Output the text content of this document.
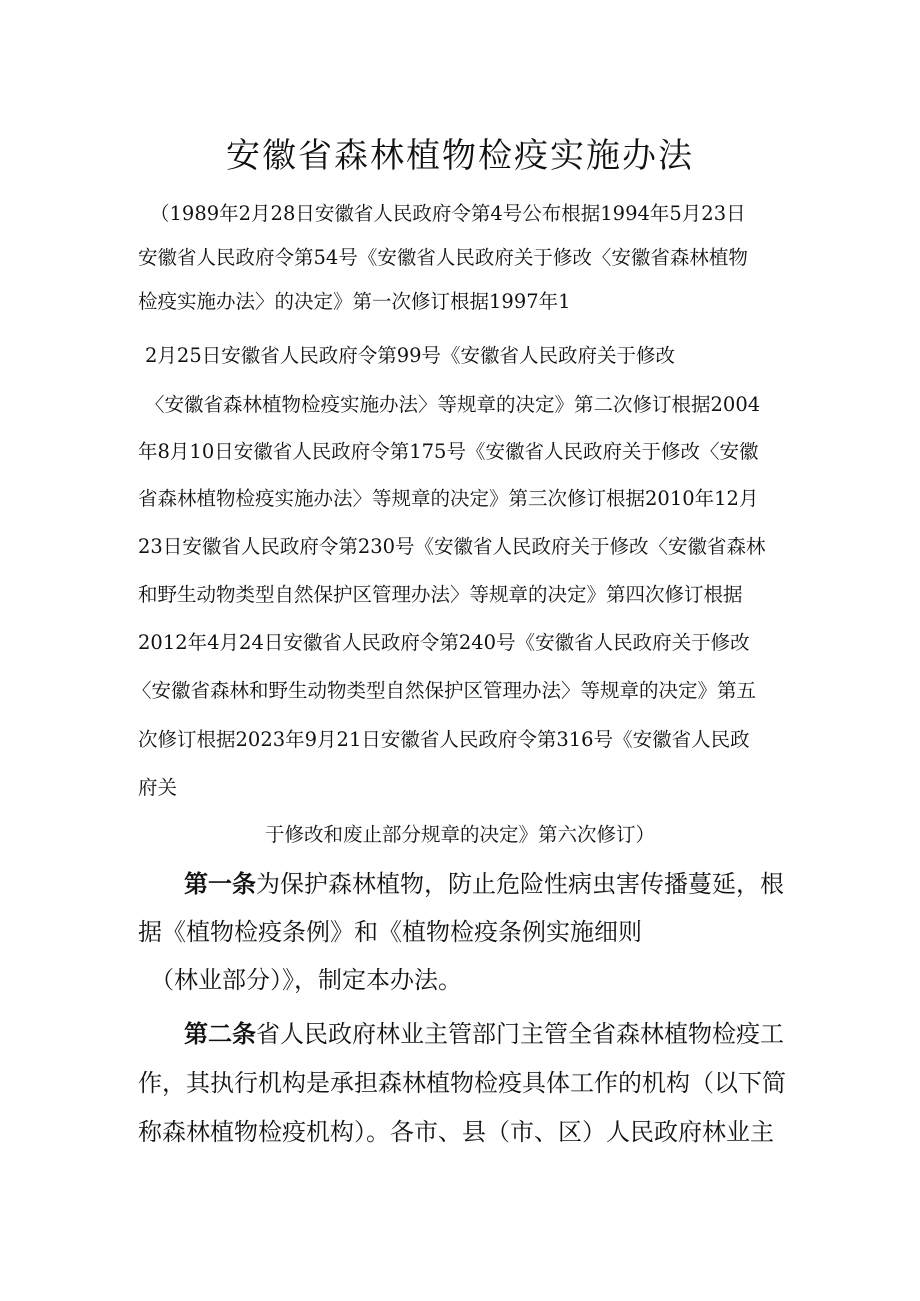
安徽省森林植物检疫实施办法
（1989年2月28日安徽省人民政府令第4号公布根据1994年5月23日
安徽省人民政府令第54号《安徽省人民政府关于修改〈安徽省森林植物
检疫实施办法〉的决定》第一次修订根据1997年1
2月25日安徽省人民政府令第99号《安徽省人民政府关于修改
〈安徽省森林植物检疫实施办法〉等规章的决定》第二次修订根据2004
年8月10日安徽省人民政府令第175号《安徽省人民政府关于修改〈安徽
省森林植物检疫实施办法〉等规章的决定》第三次修订根据2010年12月
23日安徽省人民政府令第230号《安徽省人民政府关于修改〈安徽省森林
和野生动物类型自然保护区管理办法〉等规章的决定》第四次修订根据
2012年4月24日安徽省人民政府令第240号《安徽省人民政府关于修改
〈安徽省森林和野生动物类型自然保护区管理办法〉等规章的决定》第五
次修订根据2023年9月21日安徽省人民政府令第316号《安徽省人民政
府关
于修改和废止部分规章的决定》第六次修订）
第一条为保护森林植物，防止危险性病虫害传播蔓延，根
据《植物检疫条例》和《植物检疫条例实施细则
（林业部分）》，制定本办法。
第二条省人民政府林业主管部门主管全省森林植物检疫工
作，其执行机构是承担森林植物检疫具体工作的机构（以下简
称森林植物检疫机构）。各市、县（市、区）人民政府林业主
